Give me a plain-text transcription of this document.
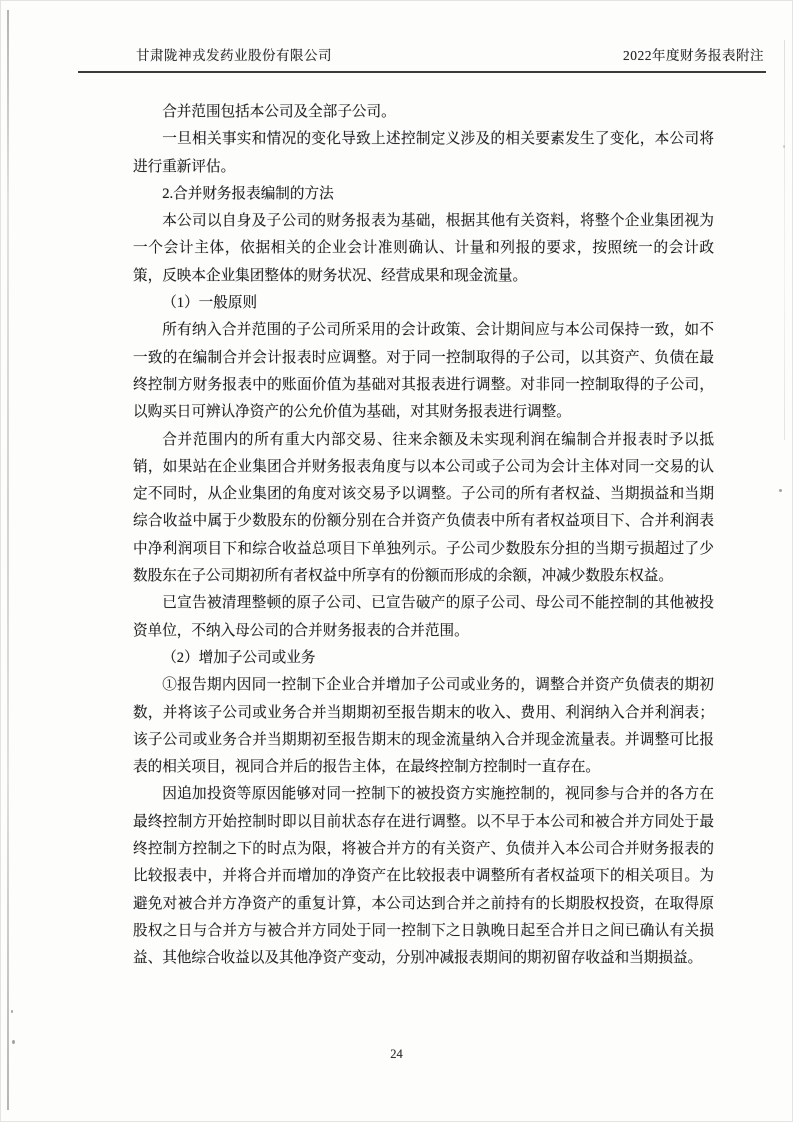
甘肃陇神戎发药业股份有限公司	2022年度财务报表附注

合并范围包括本公司及全部子公司。

一旦相关事实和情况的变化导致上述控制定义涉及的相关要素发生了变化，本公司将进行重新评估。

2.合并财务报表编制的方法

本公司以自身及子公司的财务报表为基础，根据其他有关资料，将整个企业集团视为一个会计主体，依据相关的企业会计准则确认、计量和列报的要求，按照统一的会计政策，反映本企业集团整体的财务状况、经营成果和现金流量。

（1）一般原则

所有纳入合并范围的子公司所采用的会计政策、会计期间应与本公司保持一致，如不一致的在编制合并会计报表时应调整。对于同一控制取得的子公司，以其资产、负债在最终控制方财务报表中的账面价值为基础对其报表进行调整。对非同一控制取得的子公司，以购买日可辨认净资产的公允价值为基础，对其财务报表进行调整。

合并范围内的所有重大内部交易、往来余额及未实现利润在编制合并报表时予以抵销，如果站在企业集团合并财务报表角度与以本公司或子公司为会计主体对同一交易的认定不同时，从企业集团的角度对该交易予以调整。子公司的所有者权益、当期损益和当期综合收益中属于少数股东的份额分别在合并资产负债表中所有者权益项目下、合并利润表中净利润项目下和综合收益总项目下单独列示。子公司少数股东分担的当期亏损超过了少数股东在子公司期初所有者权益中所享有的份额而形成的余额，冲减少数股东权益。

已宣告被清理整顿的原子公司、已宣告破产的原子公司、母公司不能控制的其他被投资单位，不纳入母公司的合并财务报表的合并范围。

（2）增加子公司或业务

①报告期内因同一控制下企业合并增加子公司或业务的，调整合并资产负债表的期初数，并将该子公司或业务合并当期期初至报告期末的收入、费用、利润纳入合并利润表；该子公司或业务合并当期期初至报告期末的现金流量纳入合并现金流量表。并调整可比报表的相关项目，视同合并后的报告主体，在最终控制方控制时一直存在。

因追加投资等原因能够对同一控制下的被投资方实施控制的，视同参与合并的各方在最终控制方开始控制时即以目前状态存在进行调整。以不早于本公司和被合并方同处于最终控制方控制之下的时点为限，将被合并方的有关资产、负债并入本公司合并财务报表的比较报表中，并将合并而增加的净资产在比较报表中调整所有者权益项下的相关项目。为避免对被合并方净资产的重复计算，本公司达到合并之前持有的长期股权投资，在取得原股权之日与合并方与被合并方同处于同一控制下之日孰晚日起至合并日之间已确认有关损益、其他综合收益以及其他净资产变动，分别冲减报表期间的期初留存收益和当期损益。

24
